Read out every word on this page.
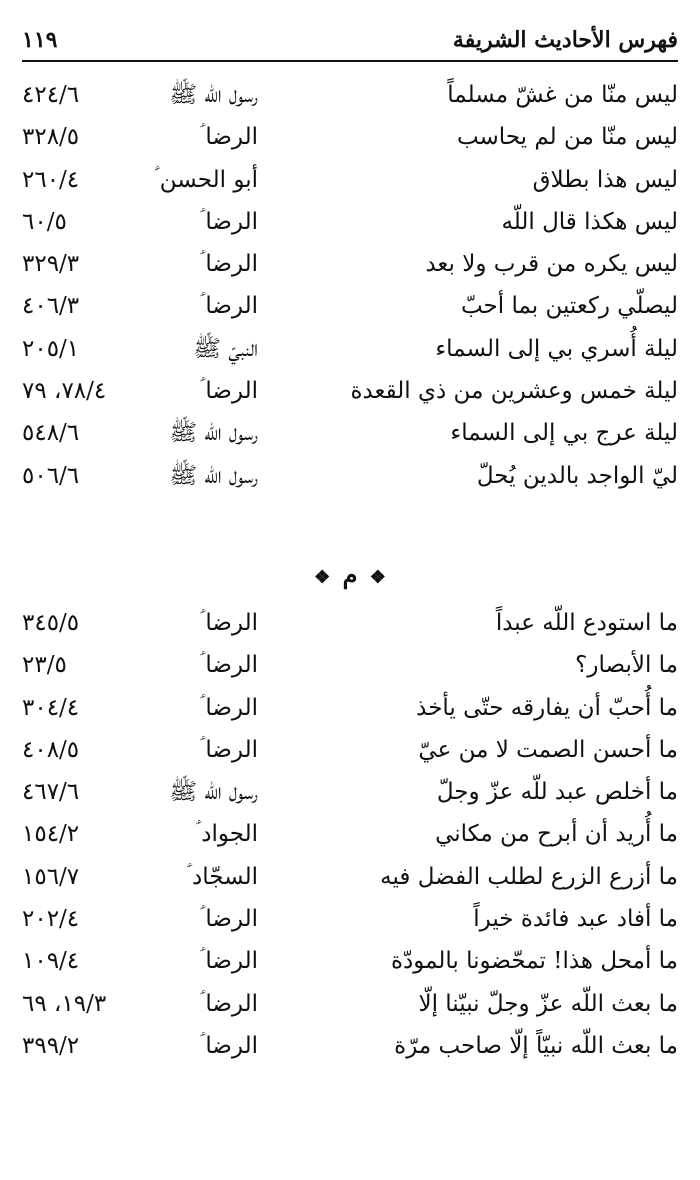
فهرس الأحاديث الشريفة
١١٩
ليس منّا من غشّ مسلماً
رسول اللّه ﷺ
٤٢٤/٦
ليس منّا من لم يحاسب
الرضا ؑ
٣٢٨/٥
ليس هذا بطلاق
أبو الحسن ؑ
٢٦٠/٤
ليس هكذا قال اللّه
الرضا ؑ
٦٠/٥
ليس يكره من قرب ولا بعد
الرضا ؑ
٣٢٩/٣
ليصلّي ركعتين بما أحبّ
الرضا ؑ
٤٠٦/٣
ليلة أُسري بي إلى السماء
النبيّ ﷺ
٢٠٥/١
ليلة خمس وعشرين من ذي القعدة
الرضا ؑ
٧٨/٤، ٧٩
ليلة عرج بي إلى السماء
رسول اللّه ﷺ
٥٤٨/٦
ليّ الواجد بالدين يُحلّ
رسول اللّه ﷺ
٥٠٦/٦
❖ م ❖
ما استودع اللّه عبداً
الرضا ؑ
٣٤٥/٥
ما الأبصار؟
الرضا ؑ
٢٣/٥
ما أُحبّ أن يفارقه حتّى يأخذ
الرضا ؑ
٣٠٤/٤
ما أحسن الصمت لا من عيّ
الرضا ؑ
٤٠٨/٥
ما أخلص عبد للّه عزّ وجلّ
رسول اللّه ﷺ
٤٦٧/٦
ما أُريد أن أبرح من مكاني
الجواد ؑ
١٥٤/٢
ما أزرع الزرع لطلب الفضل فيه
السجّاد ؑ
١٥٦/٧
ما أفاد عبد فائدة خيراً
الرضا ؑ
٢٠٢/٤
ما أمحل هذا! تمحّضونا بالمودّة
الرضا ؑ
١٠٩/٤
ما بعث اللّه عزّ وجلّ نبيّنا إلّا
الرضا ؑ
١٩/٣، ٦٩
ما بعث اللّه نبيّاً إلّا صاحب مرّة
الرضا ؑ
٣٩٩/٢
